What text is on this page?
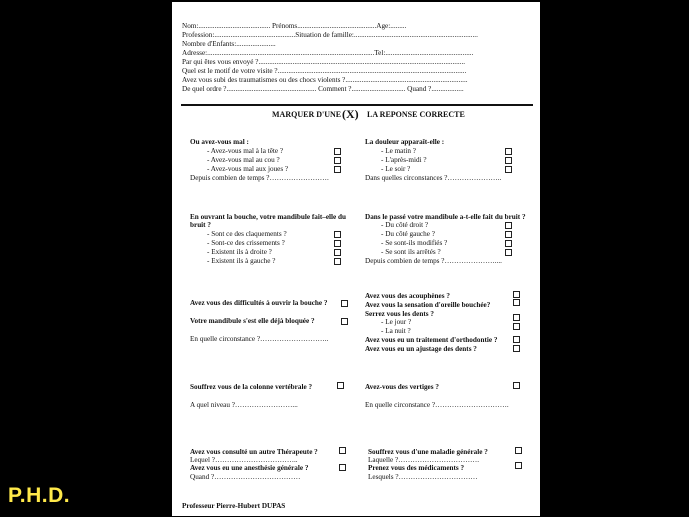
Nom:........................................ Prénoms............................................Age:.........
Profession:.............................................Situation de famille:.....................................................................
Nombre d'Enfants:......................
Adresse:.............................................................................................Tel:.................................................
Par qui êtes vous envoyé ?...................................................................................................................
Quel est le motif de votre visite ?.........................................................................................................
Avez vous subi des traumatismes ou des chocs violents ?....................................................................
De quel ordre ?.................................................. Comment ?.............................. Quand ?..................
MARQUER D'UNE (X) LA REPONSE CORRECTE
Ou avez-vous mal :
- Avez-vous mal à la tête ?
- Avez-vous mal au cou ?
- Avez-vous mal aux joues ?
Depuis combien de temps ?…………………….
La douleur apparaît-elle :
- Le matin ?
- L'après-midi ?
- Le soir ?
Dans quelles circonstances ?…………………..
En ouvrant la bouche, votre mandibule fait–elle du
bruit ?
- Sont ce des claquements ?
- Sont-ce des crissements ?
- Existent ils à droite ?
- Existent ils à gauche ?
Dans le passé votre mandibule a-t-elle fait du bruit ?
- Du côté droit ?
- Du côté gauche ?
- Se sont-ils modifiés ?
- Se sont ils arrêtés ?
Depuis combien de temps ?…………………....
Avez vous des difficultés à ouvrir la bouche ?
Votre mandibule s'est elle déjà bloquée ?
En quelle circonstance ?………………………..
Avez vous des acouphènes ?
Avez vous la sensation d'oreille bouchée?
Serrez vous les dents ?
- Le jour ?
- La nuit ?
Avez vous eu un traitement d'orthodontie ?
Avez vous eu un ajustage des dents ?
Souffrez vous de la colonne vertébrale ?
A quel niveau ?……………………...
Avez-vous des vertiges ?
En quelle circonstance ?………………………….
Avez vous consulté un autre Thérapeute ?
Lequel ?……………………………..
Avez vous eu une anesthésie générale ?
Quand ?………………………………
Souffrez vous d'une maladie générale ?
Laquelle ?…………………………….
Prenez vous des médicaments ?
Lesquels ?……………………………
Professeur Pierre-Hubert DUPAS
P.H.D.
